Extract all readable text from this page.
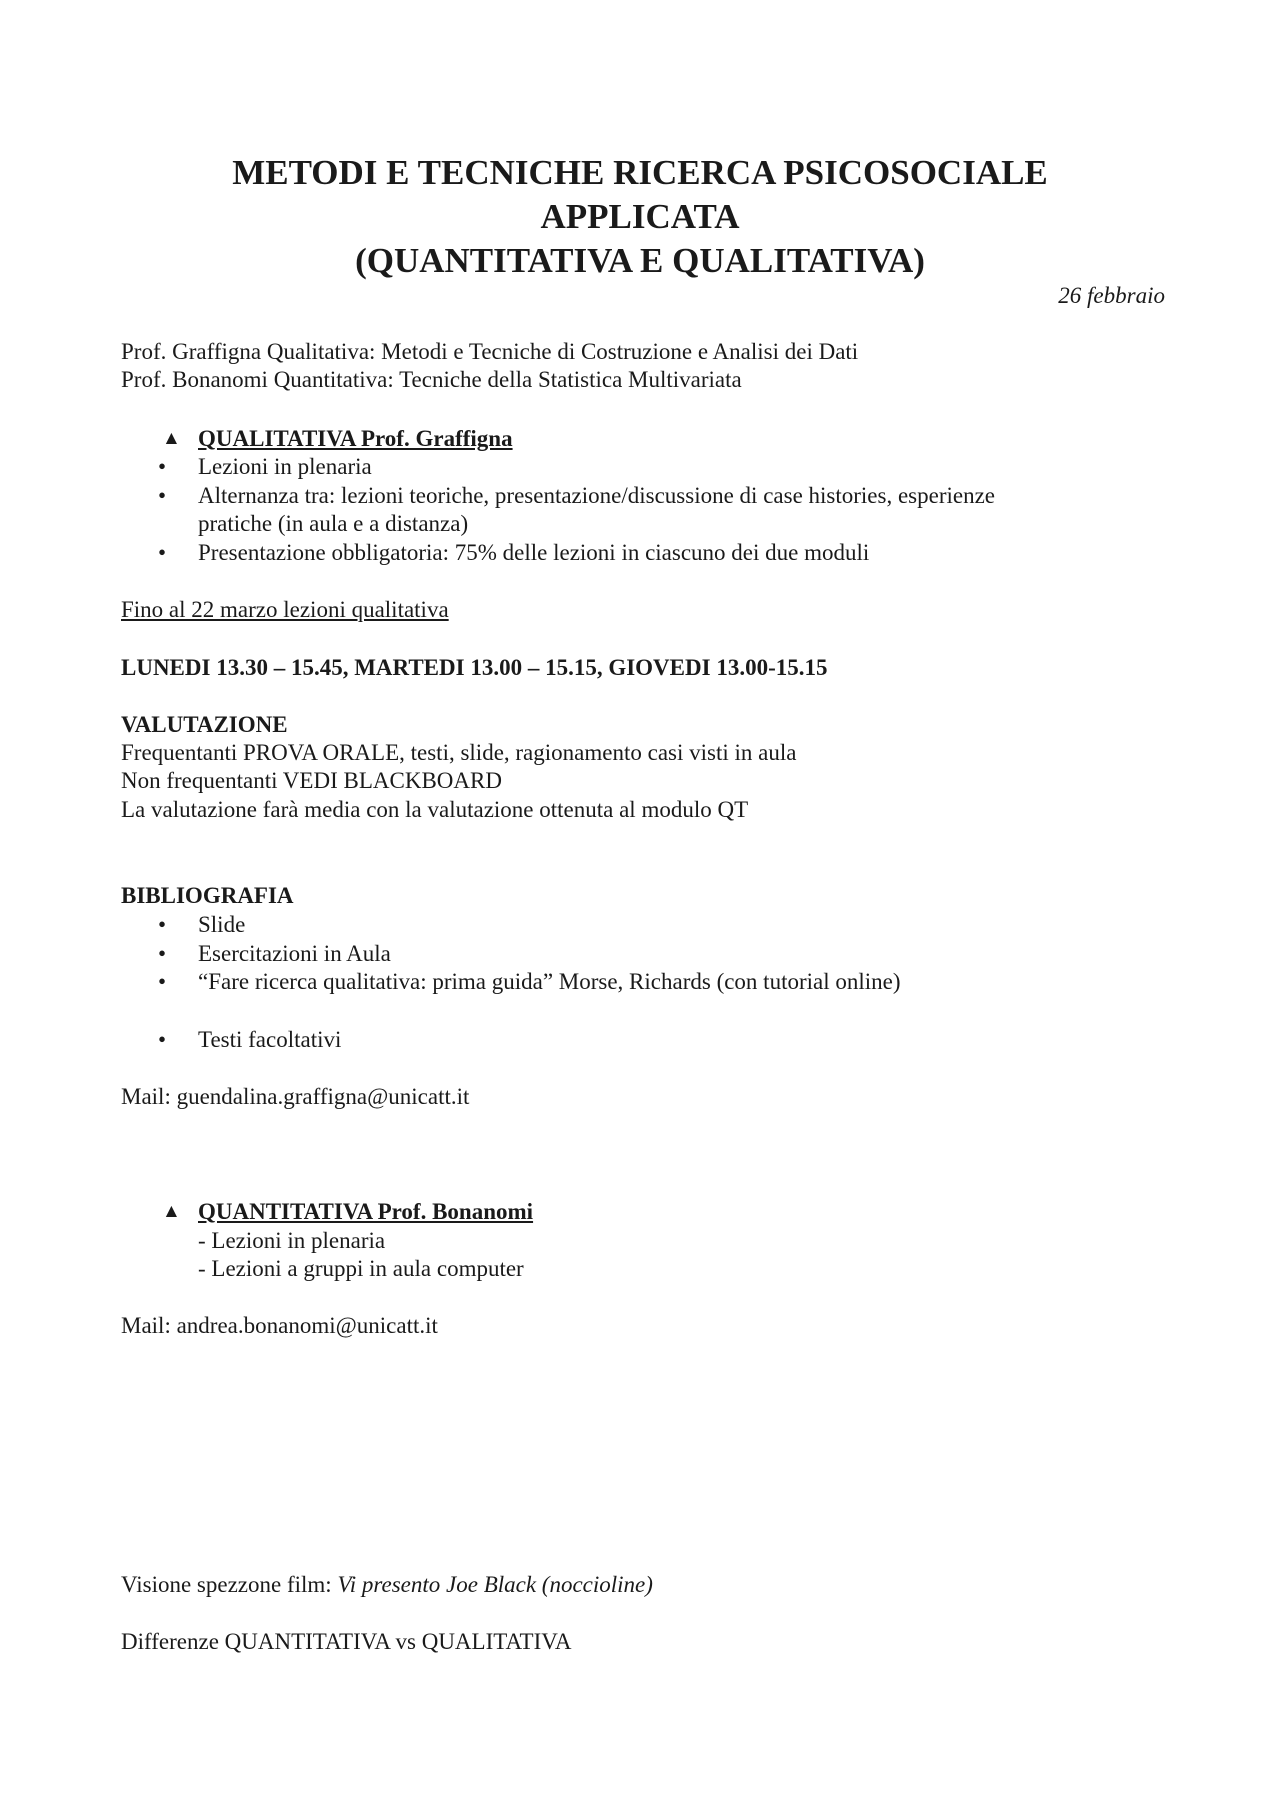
METODI E TECNICHE RICERCA PSICOSOCIALE
APPLICATA
(QUANTITATIVA E QUALITATIVA)
26 febbraio
Prof. Graffigna Qualitativa: Metodi e Tecniche di Costruzione e Analisi dei Dati
Prof. Bonanomi Quantitativa: Tecniche della Statistica Multivariata
▲ QUALITATIVA Prof. Graffigna
• Lezioni in plenaria
• Alternanza tra: lezioni teoriche, presentazione/discussione di case histories, esperienze
pratiche (in aula e a distanza)
• Presentazione obbligatoria: 75% delle lezioni in ciascuno dei due moduli
Fino al 22 marzo lezioni qualitativa
LUNEDI 13.30 – 15.45, MARTEDI 13.00 – 15.15, GIOVEDI 13.00-15.15
VALUTAZIONE
Frequentanti PROVA ORALE, testi, slide, ragionamento casi visti in aula
Non frequentanti VEDI BLACKBOARD
La valutazione farà media con la valutazione ottenuta al modulo QT
BIBLIOGRAFIA
• Slide
• Esercitazioni in Aula
• “Fare ricerca qualitativa: prima guida” Morse, Richards (con tutorial online)
• Testi facoltativi
Mail: guendalina.graffigna@unicatt.it
▲ QUANTITATIVA Prof. Bonanomi
- Lezioni in plenaria
- Lezioni a gruppi in aula computer
Mail: andrea.bonanomi@unicatt.it
Visione spezzone film: Vi presento Joe Black (noccioline)
Differenze QUANTITATIVA vs QUALITATIVA
